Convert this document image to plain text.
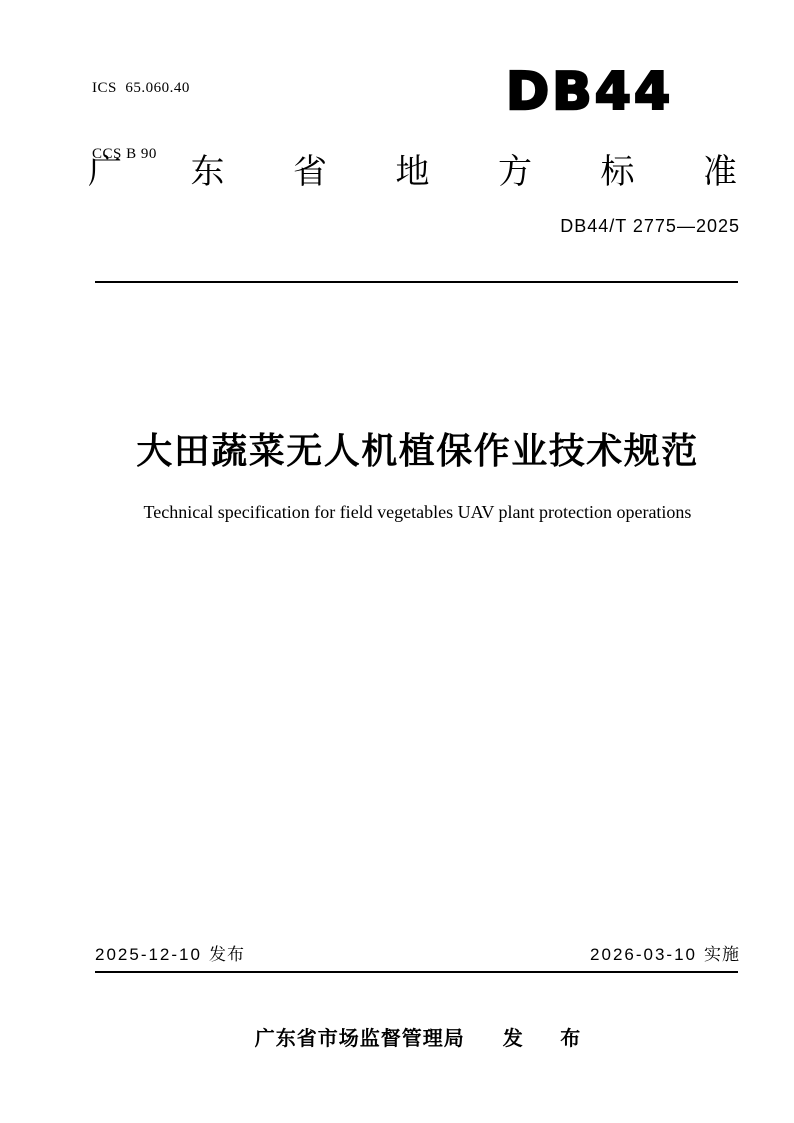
ICS  65.060.40

CCS B 90

DB44
广 东 省 地 方 标 准
DB44/T 2775—2025
大田蔬菜无人机植保作业技术规范
Technical specification for field vegetables UAV plant protection operations
2025-12-10 发布	2026-03-10 实施
广东省市场监督管理局 发 布
